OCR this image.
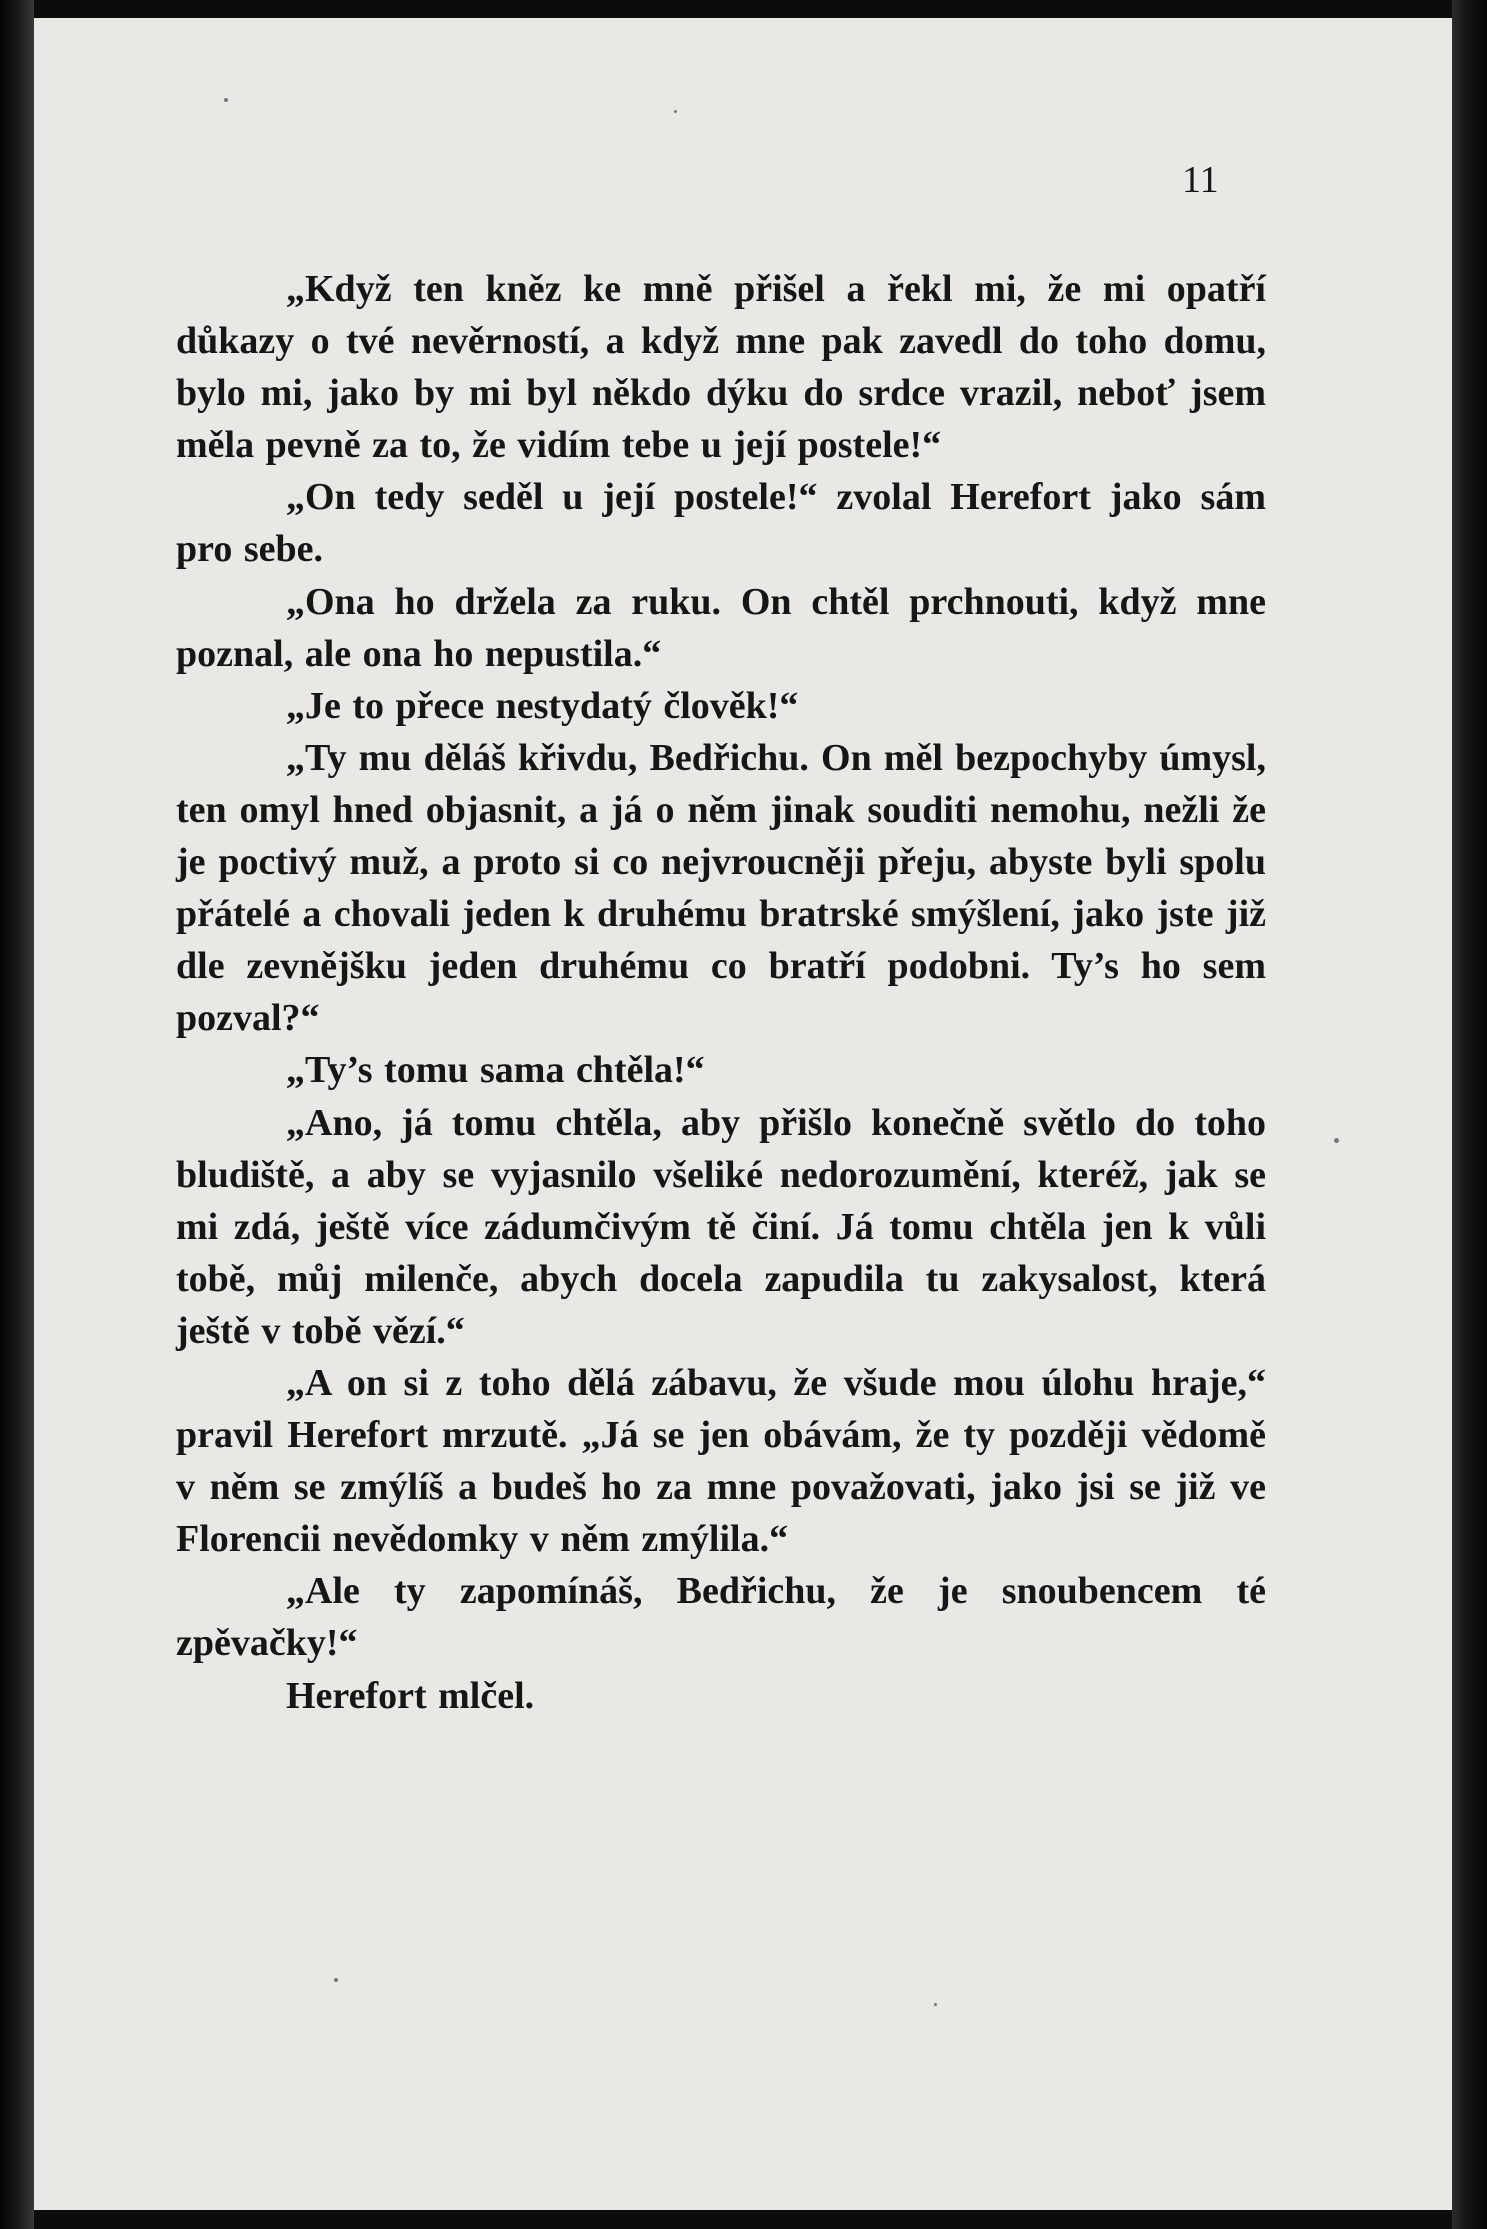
11

„Když ten kněz ke mně přišel a řekl mi, že mi opatří důkazy o tvé nevěrností, a když mne pak zavedl do toho domu, bylo mi, jako by mi byl někdo dýku do srdce vrazil, neboť jsem měla pevně za to, že vidím tebe u její postele!“

„On tedy seděl u její postele!“ zvolal Herefort jako sám pro sebe.

„Ona ho držela za ruku. On chtěl prchnouti, když mne poznal, ale ona ho nepustila.“

„Je to přece nestydatý člověk!“

„Ty mu děláš křivdu, Bedřichu. On měl bezpochyby úmysl, ten omyl hned objasnit, a já o něm jinak souditi nemohu, nežli že je poctivý muž, a proto si co nejvroucněji přeju, abyste byli spolu přátelé a chovali jeden k druhému bratrské smýšlení, jako jste již dle zevnějšku jeden druhému co bratří podobni. Ty’s ho sem pozval?“

„Ty’s tomu sama chtěla!“

„Ano, já tomu chtěla, aby přišlo konečně světlo do toho bludiště, a aby se vyjasnilo všeliké nedorozumění, kteréž, jak se mi zdá, ještě více zádumčivým tě činí. Já tomu chtěla jen k vůli tobě, můj milenče, abych docela zapudila tu zakysalost, která ještě v tobě vězí.“

„A on si z toho dělá zábavu, že všude mou úlohu hraje,“ pravil Herefort mrzutě. „Já se jen obávám, že ty později vědomě v něm se zmýlíš a budeš ho za mne považovati, jako jsi se již ve Florencii nevědomky v něm zmýlila.“

„Ale ty zapomínáš, Bedřichu, že je snoubencem té zpěvačky!“

Herefort mlčel.
